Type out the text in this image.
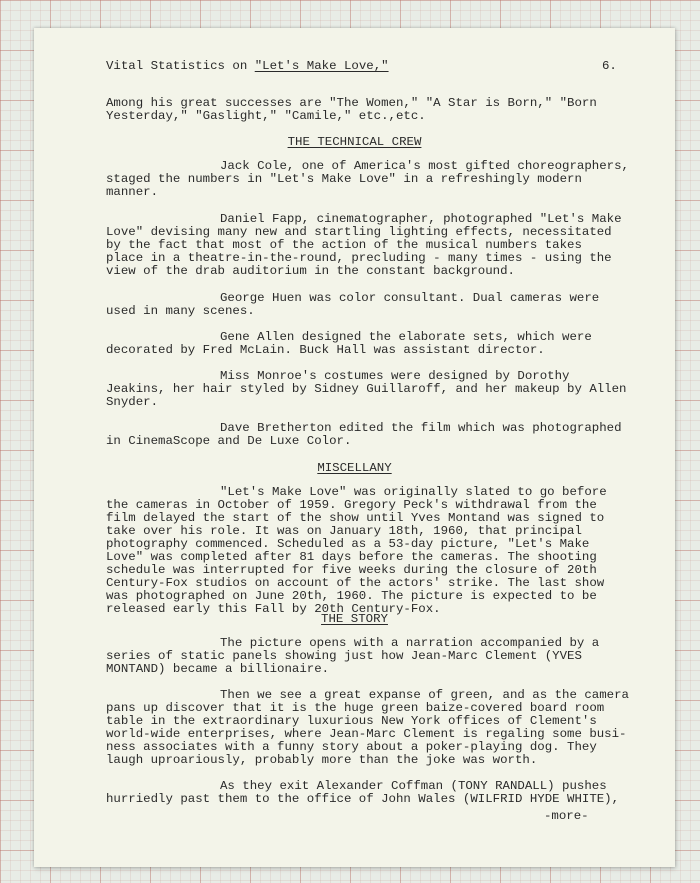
Vital Statistics on "Let's Make Love,"	6.
Among his great successes are "The Women," "A Star is Born," "Born
Yesterday," "Gaslight," "Camile," etc.,etc.
THE TECHNICAL CREW
Jack Cole, one of America's most gifted choreographers,
staged the numbers in "Let's Make Love" in a refreshingly modern
manner.
Daniel Fapp, cinematographer, photographed "Let's Make
Love" devising many new and startling lighting effects, necessitated
by the fact that most of the action of the musical numbers takes
place in a theatre-in-the-round, precluding - many times - using the
view of the drab auditorium in the constant background.
George Huen was color consultant. Dual cameras were
used in many scenes.
Gene Allen designed the elaborate sets, which were
decorated by Fred McLain. Buck Hall was assistant director.
Miss Monroe's costumes were designed by Dorothy
Jeakins, her hair styled by Sidney Guillaroff, and her makeup by Allen
Snyder.
Dave Bretherton edited the film which was photographed
in CinemaScope and De Luxe Color.
MISCELLANY
"Let's Make Love" was originally slated to go before
the cameras in October of 1959. Gregory Peck's withdrawal from the
film delayed the start of the show until Yves Montand was signed to
take over his role. It was on January 18th, 1960, that principal
photography commenced. Scheduled as a 53-day picture, "Let's Make
Love" was completed after 81 days before the cameras. The shooting
schedule was interrupted for five weeks during the closure of 20th
Century-Fox studios on account of the actors' strike. The last show
was photographed on June 20th, 1960. The picture is expected to be
released early this Fall by 20th Century-Fox.
THE STORY
The picture opens with a narration accompanied by a
series of static panels showing just how Jean-Marc Clement (YVES
MONTAND) became a billionaire.
Then we see a great expanse of green, and as the camera
pans up discover that it is the huge green baize-covered board room
table in the extraordinary luxurious New York offices of Clement's
world-wide enterprises, where Jean-Marc Clement is regaling some busi-
ness associates with a funny story about a poker-playing dog. They
laugh uproariously, probably more than the joke was worth.
As they exit Alexander Coffman (TONY RANDALL) pushes
hurriedly past them to the office of John Wales (WILFRID HYDE WHITE),
-more-
